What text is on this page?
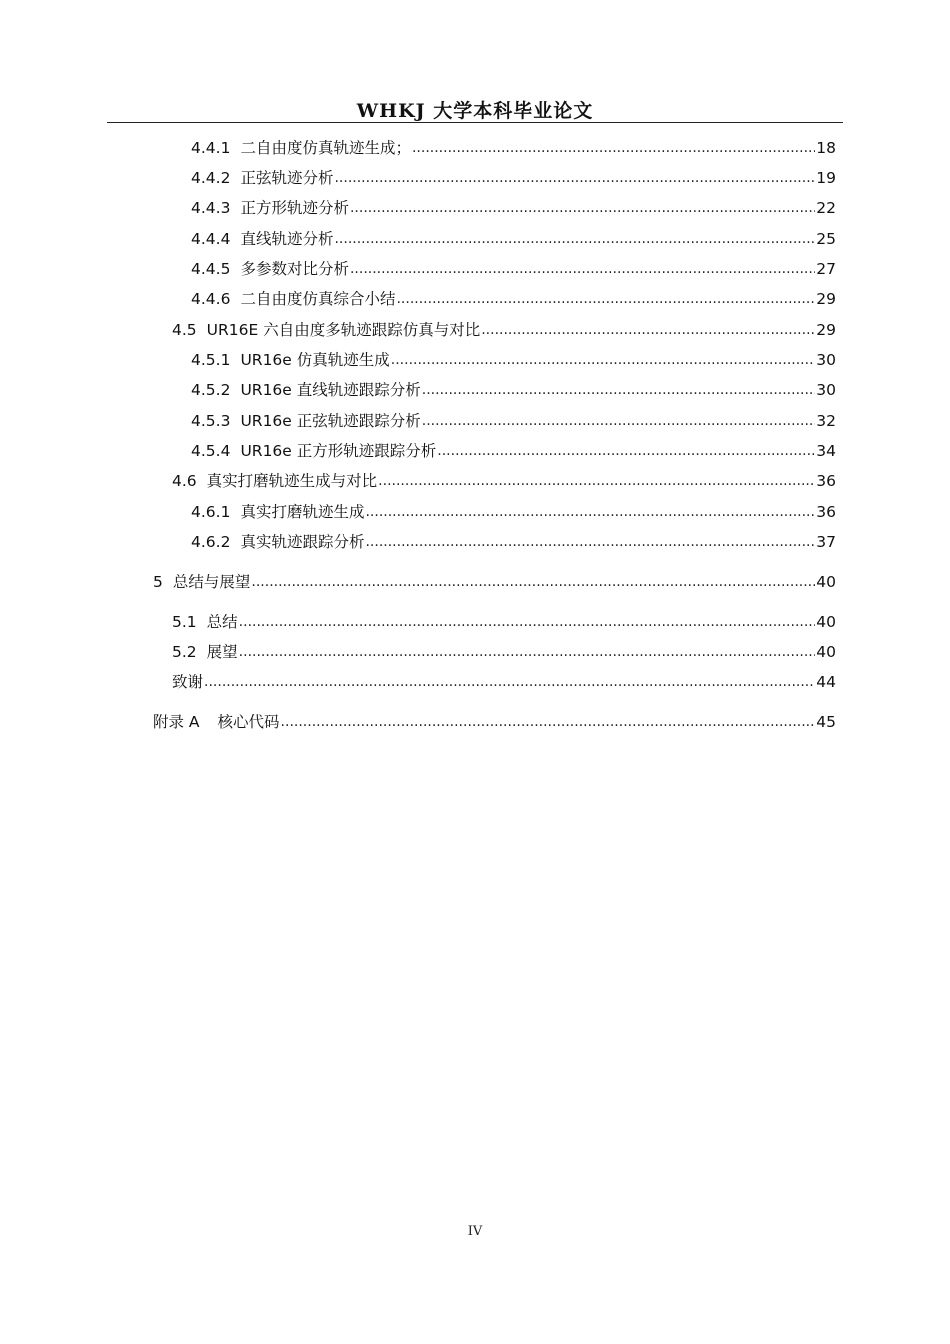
WHKJ 大学本科毕业论文
4.4.1 二自由度仿真轨迹生成； .....	18
4.4.2 正弦轨迹分析 .....	19
4.4.3 正方形轨迹分析 .....	22
4.4.4 直线轨迹分析 .....	25
4.4.5 多参数对比分析 .....	27
4.4.6 二自由度仿真综合小结 .....	29
4.5 UR16E 六自由度多轨迹跟踪仿真与对比 .....	29
4.5.1 UR16e 仿真轨迹生成 .....	30
4.5.2 UR16e 直线轨迹跟踪分析 .....	30
4.5.3 UR16e 正弦轨迹跟踪分析 .....	32
4.5.4 UR16e 正方形轨迹跟踪分析 .....	34
4.6 真实打磨轨迹生成与对比 .....	36
4.6.1 真实打磨轨迹生成 .....	36
4.6.2 真实轨迹跟踪分析 .....	37
5 总结与展望 .....	40
5.1 总结 .....	40
5.2 展望 .....	40
致谢 .....	44
附录 A 核心代码 .....	45
IV
